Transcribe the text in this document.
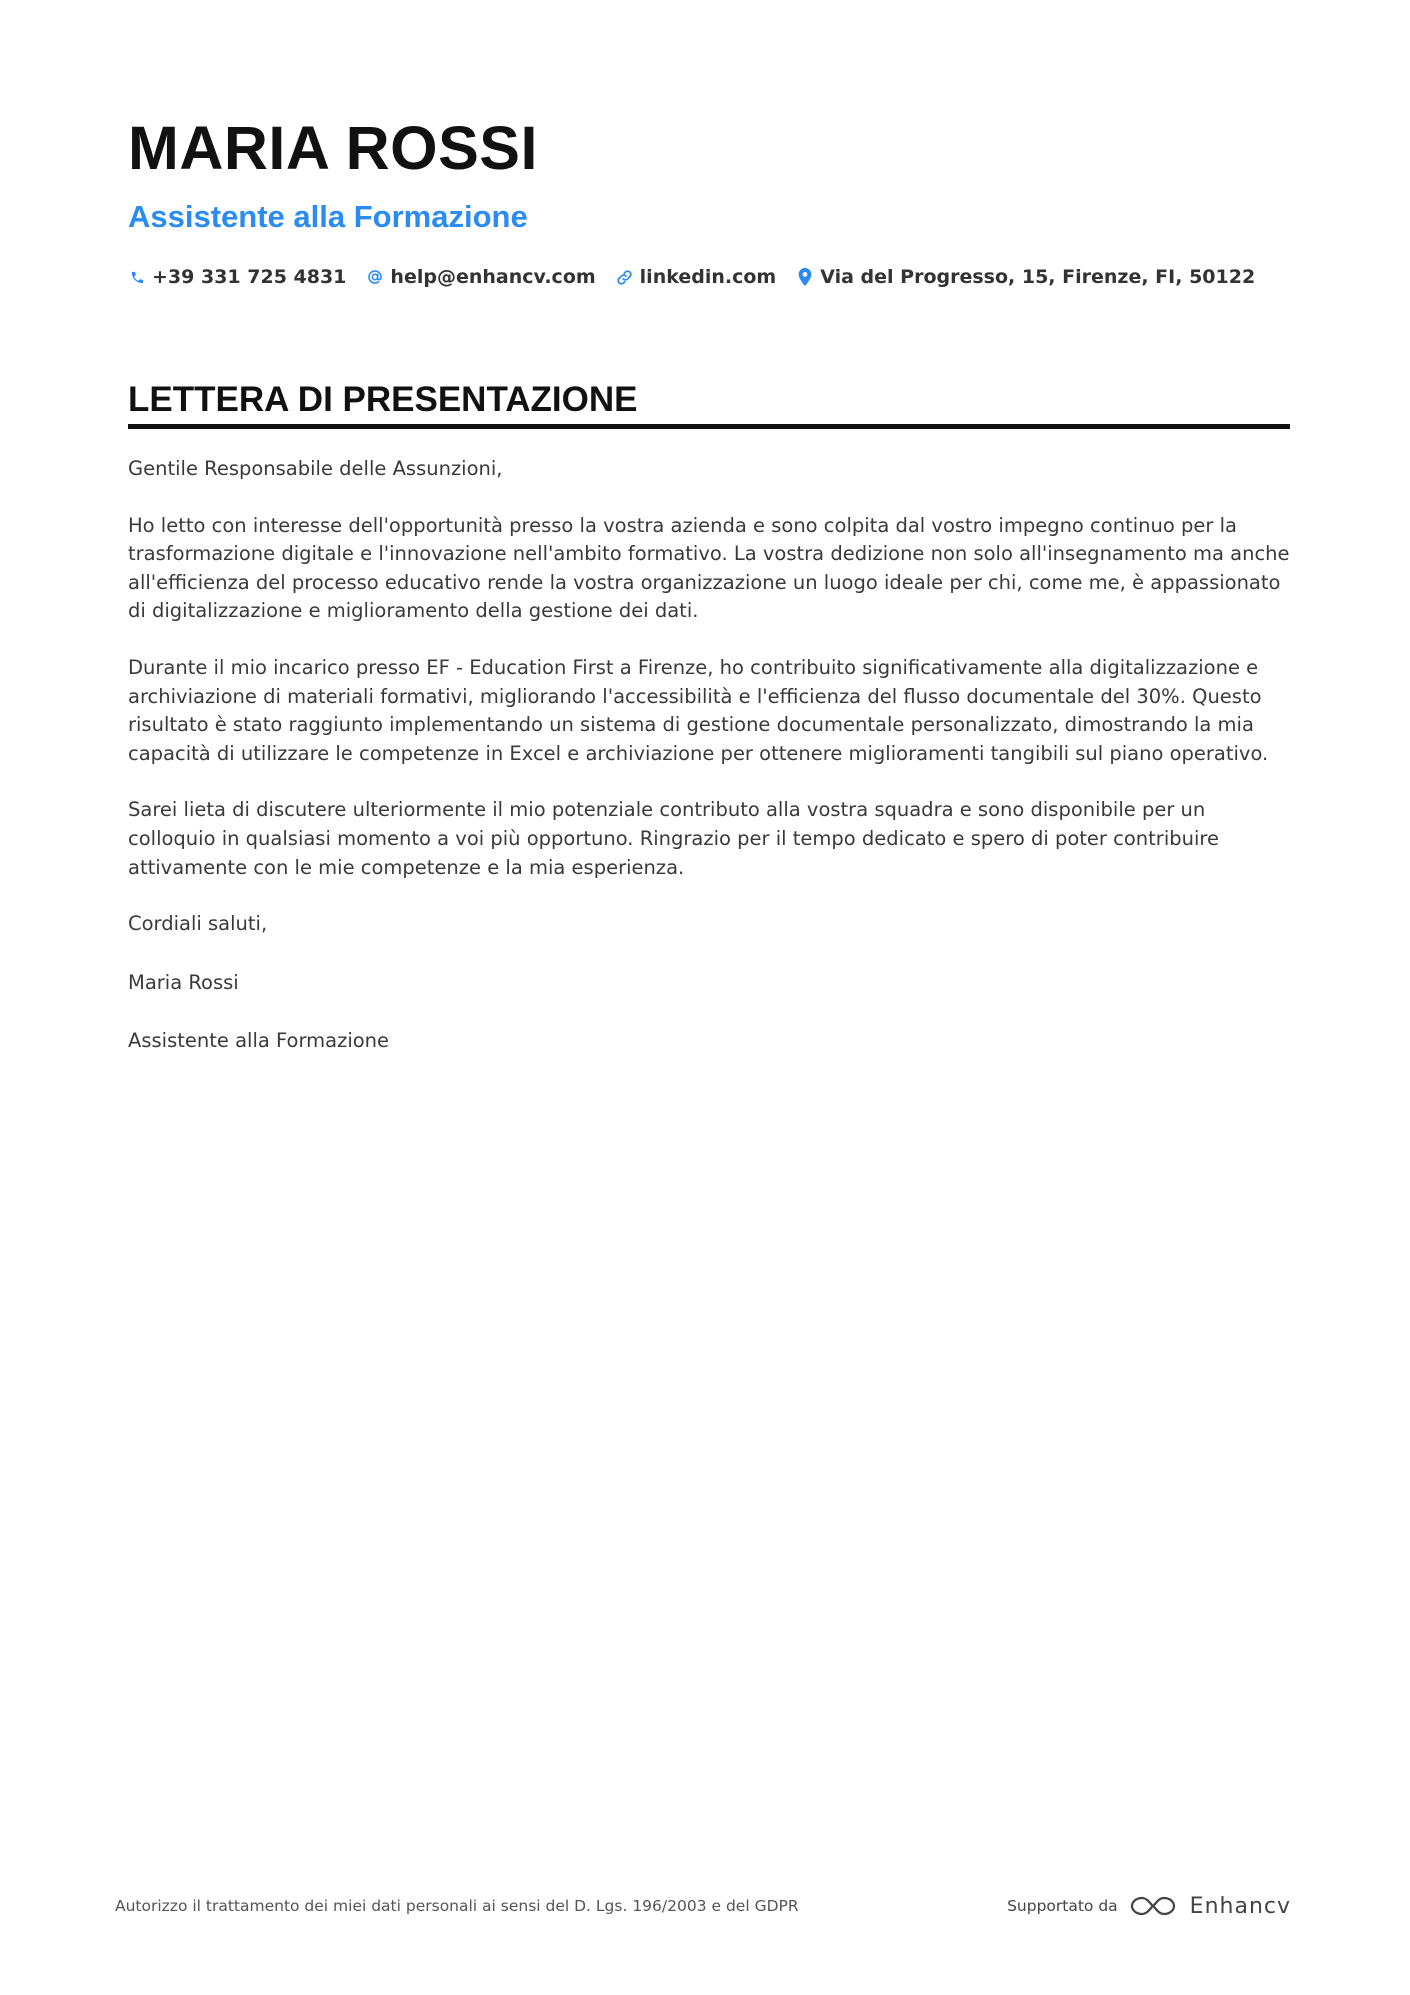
MARIA ROSSI
Assistente alla Formazione
+39 331 725 4831 help@enhancv.com linkedin.com Via del Progresso, 15, Firenze, FI, 50122
LETTERA DI PRESENTAZIONE

Gentile Responsabile delle Assunzioni,

Ho letto con interesse dell'opportunità presso la vostra azienda e sono colpita dal vostro impegno continuo per la trasformazione digitale e l'innovazione nell'ambito formativo. La vostra dedizione non solo all'insegnamento ma anche all'efficienza del processo educativo rende la vostra organizzazione un luogo ideale per chi, come me, è appassionato di digitalizzazione e miglioramento della gestione dei dati.

Durante il mio incarico presso EF - Education First a Firenze, ho contribuito significativamente alla digitalizzazione e archiviazione di materiali formativi, migliorando l'accessibilità e l'efficienza del flusso documentale del 30%. Questo risultato è stato raggiunto implementando un sistema di gestione documentale personalizzato, dimostrando la mia capacità di utilizzare le competenze in Excel e archiviazione per ottenere miglioramenti tangibili sul piano operativo.

Sarei lieta di discutere ulteriormente il mio potenziale contributo alla vostra squadra e sono disponibile per un colloquio in qualsiasi momento a voi più opportuno. Ringrazio per il tempo dedicato e spero di poter contribuire attivamente con le mie competenze e la mia esperienza.

Cordiali saluti,

Maria Rossi

Assistente alla Formazione

Autorizzo il trattamento dei miei dati personali ai sensi del D. Lgs. 196/2003 e del GDPR	Supportato da	Enhancv
